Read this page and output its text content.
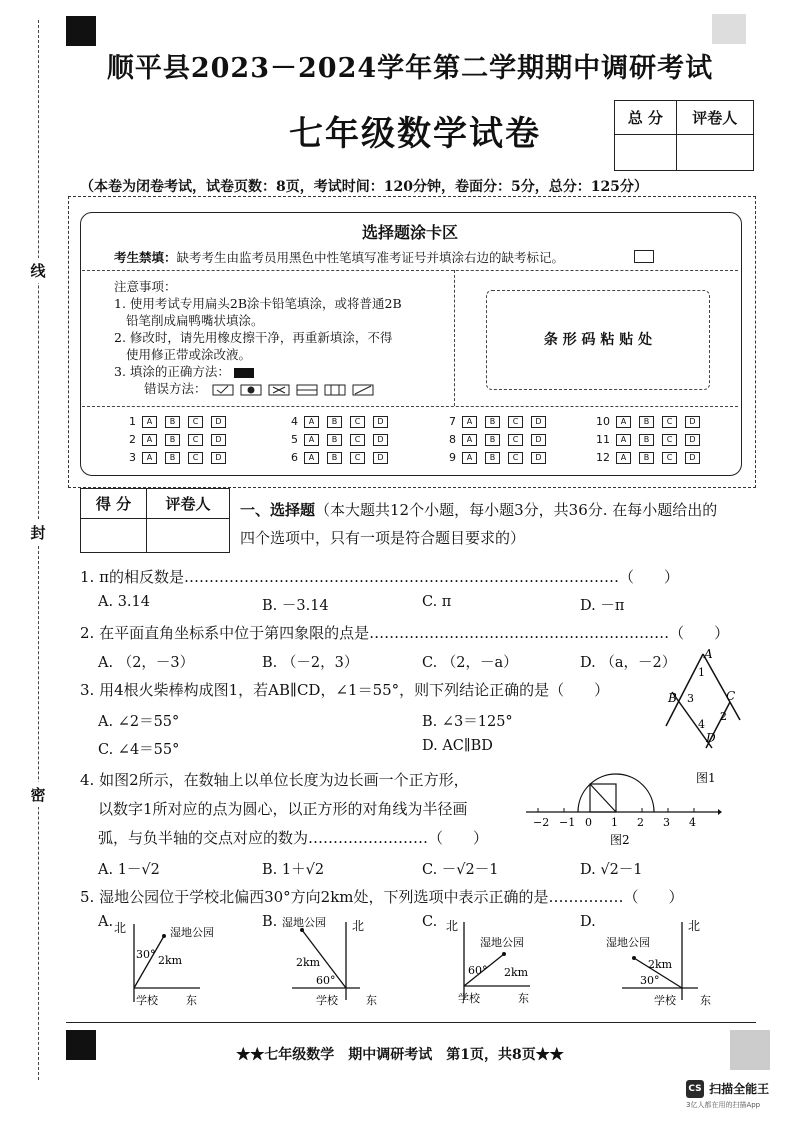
线
封
密
顺平县2023－2024学年第二学期期中调研考试
七年级数学试卷	总 分	评卷人

（本卷为闭卷考试，试卷页数：8页，考试时间：120分钟，卷面分：5分，总分：125分）
选择题涂卡区
考生禁填：缺考考生由监考员用黑色中性笔填写准考证号并填涂右边的缺考标记。
注意事项：
1. 使用考试专用扁头2B涂卡铅笔填涂，或将普通2B
铅笔削成扁鸭嘴状填涂。
2. 修改时，请先用橡皮擦干净，再重新填涂，不得
使用修正带或涂改液。
3. 填涂的正确方法：
错误方法：
条 形 码 粘 贴 处
1 A B C D
2 A B C D
3 A B C D
4 A B C D
5 A B C D
6 A B C D
7 A B C D
8 A B C D
9 A B C D
10 A B C D
11 A B C D
12 A B C D
得 分	评卷人
	一、选择题（本大题共12个小题，每小题3分，共36分. 在每小题给出的
四个选项中，只有一项是符合题目要求的）
1. π的相反数是……………………………………………………………………………（　　）
A. 3.14	B. －3.14	C. π	D. －π
2. 在平面直角坐标系中位于第四象限的点是……………………………………………………（　　）
A. （2，－3）	B. （－2，3）	C. （2，－a）	D. （a，－2）
3. 用4根火柴棒构成图1，若AB∥CD，∠1＝55°，则下列结论正确的是（　　）
A. ∠2＝55°	B. ∠3＝125°
C. ∠4＝55°	D. AC∥BD
A
B	C
D
1
2
3
4
图1
4. 如图2所示，在数轴上以单位长度为边长画一个正方形，
以数字1所对应的点为圆心，以正方形的对角线为半径画
弧，与负半轴的交点对应的数为……………………（　　）
A. 1－√2	B. 1＋√2	C. －√2－1	D. √2－1
−2 −1 0 1 2 3 4
图2
5. 湿地公园位于学校北偏西30°方向2km处，下列选项中表示正确的是……………（　　）
A.	B.	C.	D.
北	湿地公园
30° 2km
学校	东
湿地公园 北
2km
60°
学校	东
北
湿地公园
60° 2km
学校	东
北
湿地公园
2km
30°
学校 东
★★七年级数学　期中调研考试　第1页，共8页★★
CS 扫描全能王
3亿人都在用的扫描App
